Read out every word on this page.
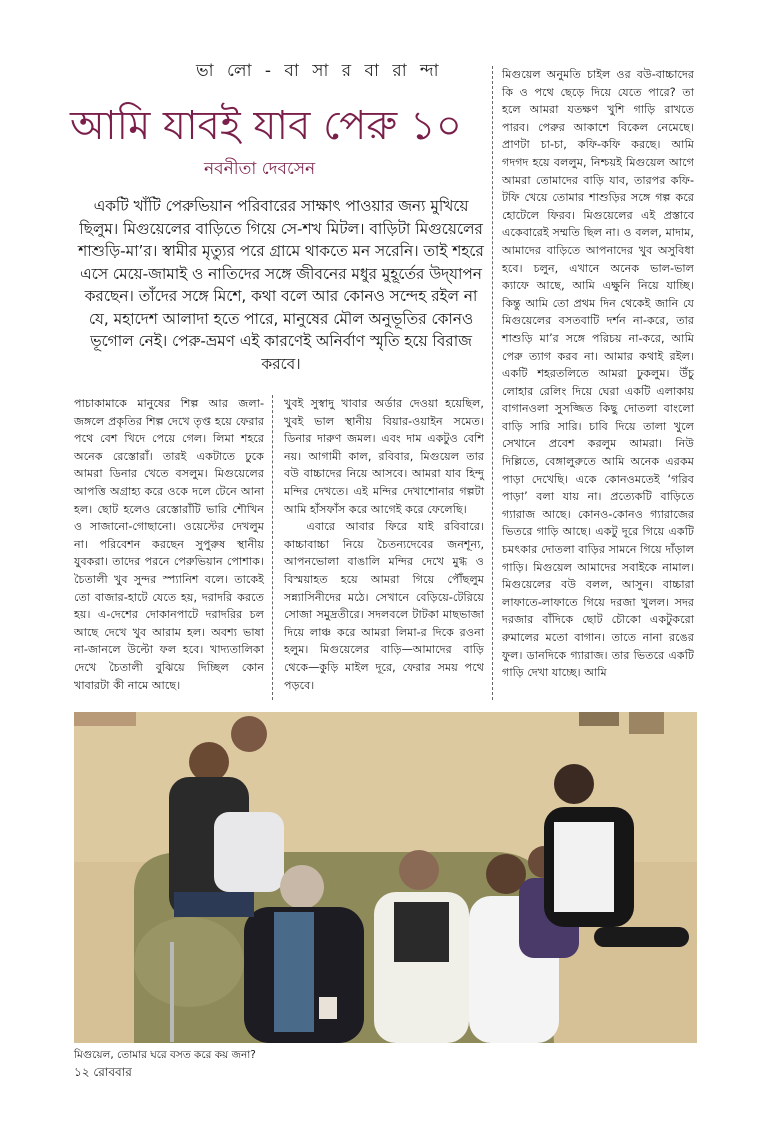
ভা লো - বা সা র বা রা ন্দা
আমি যাবই যাব পেরু ১০
নবনীতা দেবসেন
একটি খাঁটি পেরুভিয়ান পরিবারের সাক্ষাৎ পাওয়ার জন্য মুখিয়ে ছিলুম। মিগুয়েলের বাড়িতে গিয়ে সে-শখ মিটল। বাড়িটা মিগুয়েলের শাশুড়ি-মা’র। স্বামীর মৃত্যুর পরে গ্রামে থাকতে মন সরেনি। তাই শহরে এসে মেয়ে-জামাই ও নাতিদের সঙ্গে জীবনের মধুর মুহূর্তের উদ্‌যাপন করছেন। তাঁদের সঙ্গে মিশে, কথা বলে আর কোনও সন্দেহ রইল না যে, মহাদেশ আলাদা হতে পারে, মানুষের মৌল অনুভূতির কোনও ভূগোল নেই। পেরু-ভ্রমণ এই কারণেই অনির্বাণ স্মৃতি হয়ে বিরাজ করবে।
পাচাকামাকে মানুষের শিল্প আর জলা-জঙ্গলে প্রকৃতির শিল্প দেখে তৃপ্ত হয়ে ফেরার পথে বেশ খিদে পেয়ে গেল। লিমা শহরে অনেক রেস্তোরাঁ। তারই একটাতে ঢুকে আমরা ডিনার খেতে বসলুম। মিগুয়েলের আপত্তি অগ্রাহ্য করে ওকে দলে টেনে আনা হল। ছোট হলেও রেস্তোরাঁটি ভারি শৌখিন ও সাজানো-গোছানো। ওয়েস্টের দেখলুম না। পরিবেশন করছেন সুপুরুষ স্থানীয় যুবকরা। তাদের পরনে পেরুভিয়ান পোশাক। চৈতালী খুব সুন্দর স্প্যানিশ বলে। তাকেই তো বাজার-হাটে যেতে হয়, দরাদরি করতে হয়। এ-দেশের দোকানপাটে দরাদরির চল আছে দেখে খুব আরাম হল। অবশ্য ভাষা না-জানলে উল্টো ফল হবে। খাদ্যতালিকা দেখে চৈতালী বুঝিয়ে দিচ্ছিল কোন খাবারটা কী নামে আছে।
খুবই সুস্বাদু খাবার অর্ডার দেওয়া হয়েছিল, খুবই ভাল স্থানীয় বিয়ার-ওয়াইন সমেত। ডিনার দারুণ জমল। এবং দাম একটুও বেশি নয়। আগামী কাল, রবিবার, মিগুয়েল তার বউ বাচ্চাদের নিয়ে আসবে। আমরা যাব হিন্দু মন্দির দেখতে। এই মন্দির দেখাশোনার গল্পটা আমি হাঁসফাঁস করে আগেই করে ফেলেছি।
  এবারে আবার ফিরে যাই রবিবারে। কাচ্চাবাচ্চা নিয়ে চৈতন্যদেবের জনশূন্য, আপনভোলা বাঙালি মন্দির দেখে মুগ্ধ ও বিস্ময়াহত হয়ে আমরা গিয়ে পৌঁছলুম সন্ন্যাসিনীদের মঠে। সেখানে বেড়িয়ে-টেরিয়ে সোজা সমুদ্রতীরে। সদলবলে টাটকা মাছভাজা দিয়ে লাঞ্চ করে আমরা লিমা-র দিকে রওনা হলুম। মিগুয়েলের বাড়ি—আমাদের বাড়ি থেকে—কুড়ি মাইল দূরে, ফেরার সময় পথে পড়বে।
মিগুয়েল অনুমতি চাইল ওর বউ-বাচ্চাদের কি ও পথে ছেড়ে দিয়ে যেতে পারে? তা হলে আমরা যতক্ষণ খুশি গাড়ি রাখতে পারব। পেরুর আকাশে বিকেল নেমেছে। প্রাণটা চা-চা, কফি-কফি করছে। আমি গদগদ হয়ে বললুম, নিশ্চয়ই মিগুয়েল আগে আমরা তোমাদের বাড়ি যাব, তারপর কফি-টফি খেয়ে তোমার শাশুড়ির সঙ্গে গল্প করে হোটেলে ফিরব। মিগুয়েলের এই প্রস্তাবে একেবারেই সম্মতি ছিল না। ও বলল, মাদাম, আমাদের বাড়িতে আপনাদের খুব অসুবিধা হবে। চলুন, এখানে অনেক ভাল-ভাল ক্যাফে আছে, আমি এক্ষুনি নিয়ে যাচ্ছি। কিন্তু আমি তো প্রথম দিন থেকেই জানি যে মিগুয়েলের বসতবাটি দর্শন না-করে, তার শাশুড়ি মা’র সঙ্গে পরিচয় না-করে, আমি পেরু ত্যাগ করব না। আমার কথাই রইল। একটি শহরতলিতে আমরা ঢুকলুম। উঁচু লোহার রেলিং দিয়ে ঘেরা একটি এলাকায় বাগানওলা সুসজ্জিত কিছু দোতলা বাংলো বাড়ি সারি সারি। চাবি দিয়ে তালা খুলে সেখানে প্রবেশ করলুম আমরা। নিউ দিল্লিতে, বেঙ্গালুরুতে আমি অনেক এরকম পাড়া দেখেছি। একে কোনওমতেই ‘গরিব পাড়া’ বলা যায় না। প্রত্যেকটি বাড়িতে গ্যারাজ আছে। কোনও-কোনও গ্যারাজের ভিতরে গাড়ি আছে। একটু দূরে গিয়ে একটি চমৎকার দোতলা বাড়ির সামনে গিয়ে দাঁড়াল গাড়ি। মিগুয়েল আমাদের সবাইকে নামাল। মিগুয়েলের বউ বলল, আসুন। বাচ্চারা লাফাতে-লাফাতে গিয়ে দরজা খুলল। সদর দরজার বাঁদিকে ছোট চৌকো একটুকরো রুমালের মতো বাগান। তাতে নানা রঙের ফুল। ডানদিকে গ্যারাজ। তার ভিতরে একটি গাড়ি দেখা যাচ্ছে। আমি
মিগুয়েল, তোমার ঘরে বসত করে কয় জনা?
১২ রোববার
